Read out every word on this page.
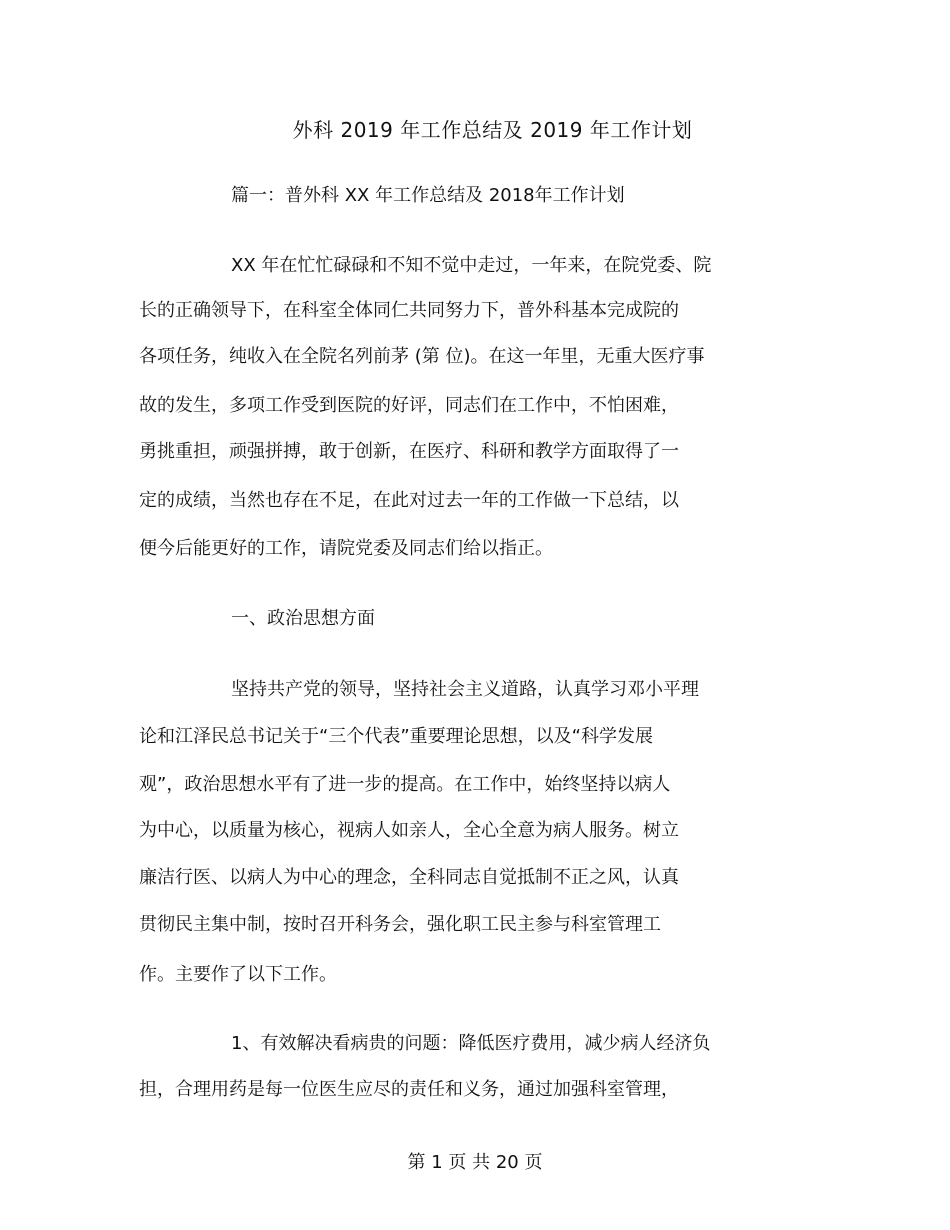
外科 2019 年工作总结及 2019 年工作计划
篇一：普外科 XX 年工作总结及 2018年工作计划
XX 年在忙忙碌碌和不知不觉中走过，一年来，在院党委、院
长的正确领导下，在科室全体同仁共同努力下，普外科基本完成院的
各项任务，纯收入在全院名列前茅 (第 位)。在这一年里，无重大医疗事
故的发生，多项工作受到医院的好评，同志们在工作中，不怕困难，
勇挑重担，顽强拼搏，敢于创新，在医疗、科研和教学方面取得了一
定的成绩，当然也存在不足，在此对过去一年的工作做一下总结，以
便今后能更好的工作，请院党委及同志们给以指正。
一、政治思想方面
坚持共产党的领导，坚持社会主义道路，认真学习邓小平理
论和江泽民总书记关于“三个代表”重要理论思想，以及“科学发展
观”，政治思想水平有了进一步的提高。在工作中，始终坚持以病人
为中心，以质量为核心，视病人如亲人，全心全意为病人服务。树立
廉洁行医、以病人为中心的理念，全科同志自觉抵制不正之风，认真
贯彻民主集中制，按时召开科务会，强化职工民主参与科室管理工
作。主要作了以下工作。
1、有效解决看病贵的问题：降低医疗费用，减少病人经济负
担，合理用药是每一位医生应尽的责任和义务，通过加强科室管理，
第 1 页 共 20 页
